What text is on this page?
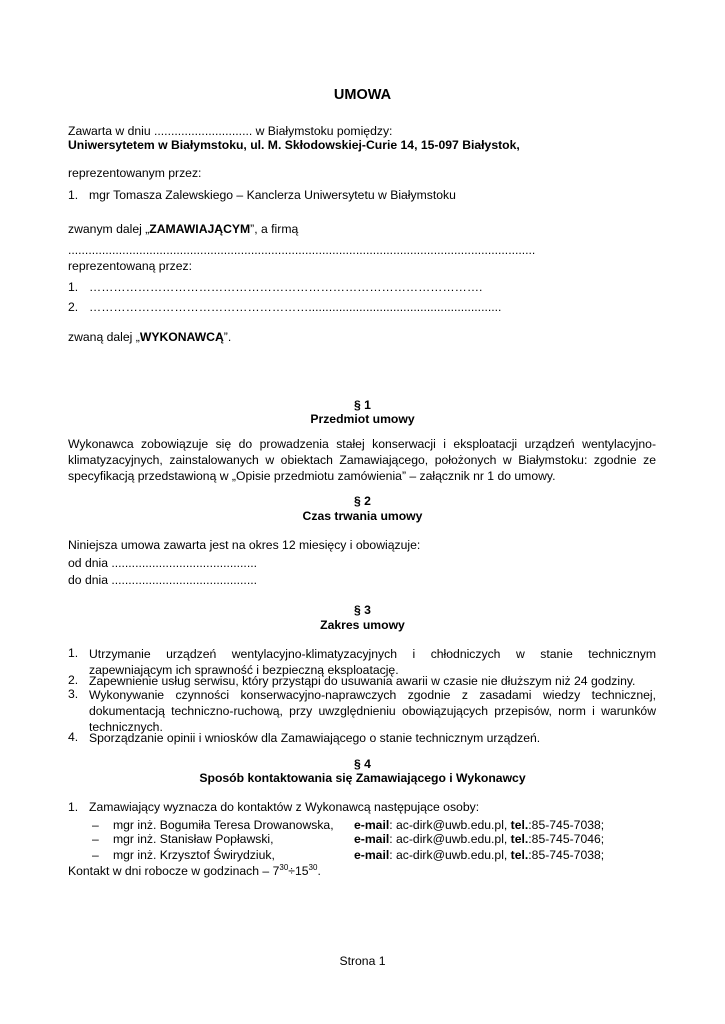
UMOWA
Zawarta w dniu ............................. w Białymstoku pomiędzy:
Uniwersytetem w Białymstoku, ul. M. Skłodowskiej-Curie 14, 15-097 Białystok,
reprezentowanym przez:
1. mgr Tomasza Zalewskiego – Kanclerza Uniwersytetu w Białymstoku
zwanym dalej „ZAMAWIAJĄCYM”, a firmą
..........................................................................................................................................
reprezentowaną przez:
1. …………………………………………………………………………………….
2. ……………………………………………….........................................................
zwaną dalej „WYKONAWCĄ”.
§ 1
Przedmiot umowy
Wykonawca zobowiązuje się do prowadzenia stałej konserwacji i eksploatacji urządzeń wentylacyjno-klimatyzacyjnych, zainstalowanych w obiektach Zamawiającego, położonych w Białymstoku: zgodnie ze specyfikacją przedstawioną w „Opisie przedmiotu zamówienia” – załącznik nr 1 do umowy.
§ 2
Czas trwania umowy
Niniejsza umowa zawarta jest na okres 12 miesięcy i obowiązuje:
od dnia ...........................................
do dnia ...........................................
§ 3
Zakres umowy
1. Utrzymanie urządzeń wentylacyjno-klimatyzacyjnych i chłodniczych w stanie technicznym zapewniającym ich sprawność i bezpieczną eksploatację.
2. Zapewnienie usług serwisu, który przystąpi do usuwania awarii w czasie nie dłuższym niż 24 godziny.
3. Wykonywanie czynności konserwacyjno-naprawczych zgodnie z zasadami wiedzy technicznej, dokumentacją techniczno-ruchową, przy uwzględnieniu obowiązujących przepisów, norm i warunków technicznych.
4. Sporządzanie opinii i wniosków dla Zamawiającego o stanie technicznym urządzeń.
§ 4
Sposób kontaktowania się Zamawiającego i Wykonawcy
1. Zamawiający wyznacza do kontaktów z Wykonawcą następujące osoby:
– mgr inż. Bogumiła Teresa Drowanowska, e-mail: ac-dirk@uwb.edu.pl, tel.:85-745-7038;
– mgr inż. Stanisław Popławski,	e-mail: ac-dirk@uwb.edu.pl, tel.:85-745-7046;
– mgr inż. Krzysztof Świrydziuk,	e-mail: ac-dirk@uwb.edu.pl, tel.:85-745-7038;
Kontakt w dni robocze w godzinach – $7^{30}\div 15^{30}$.
Strona 1
